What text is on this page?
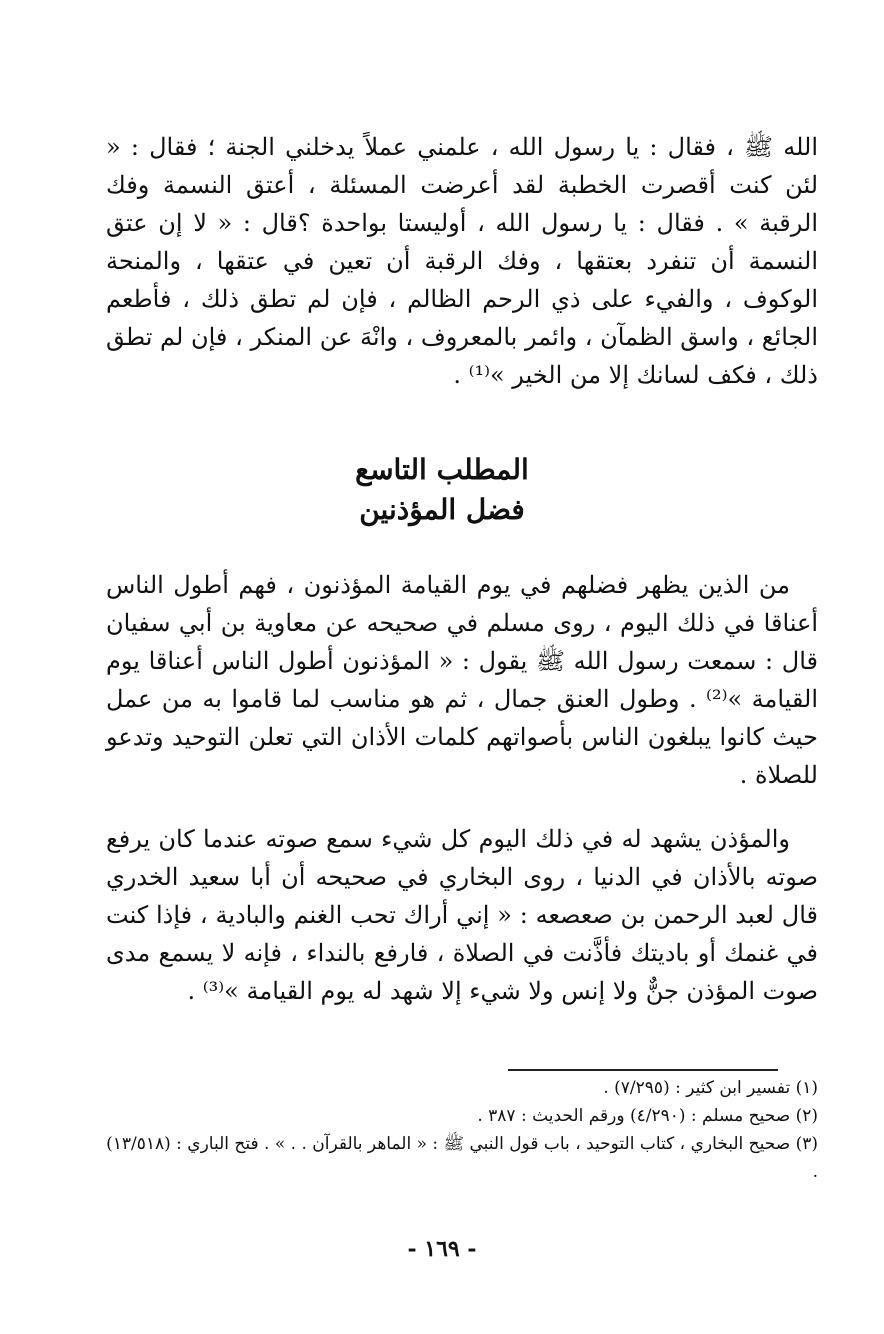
الله ﷺ ، فقال : يا رسول الله ، علمني عملاً يدخلني الجنة ؛ فقال : « لئن كنت أقصرت الخطبة لقد أعرضت المسئلة ، أعتق النسمة وفك الرقبة » . فقال : يا رسول الله ، أوليستا بواحدة ؟قال : « لا إن عتق النسمة أن تنفرد بعتقها ، وفك الرقبة أن تعين في عتقها ، والمنحة الوكوف ، والفيء على ذي الرحم الظالم ، فإن لم تطق ذلك ، فأطعم الجائع ، واسق الظمآن ، وائمر بالمعروف ، وانْهَ عن المنكر ، فإن لم تطق ذلك ، فكف لسانك إلا من الخير »⁽¹⁾ .

المطلب التاسع
فضل المؤذنين

من الذين يظهر فضلهم في يوم القيامة المؤذنون ، فهم أطول الناس أعناقا في ذلك اليوم ، روى مسلم في صحيحه عن معاوية بن أبي سفيان قال : سمعت رسول الله ﷺ يقول : « المؤذنون أطول الناس أعناقا يوم القيامة »⁽²⁾ . وطول العنق جمال ، ثم هو مناسب لما قاموا به من عمل حيث كانوا يبلغون الناس بأصواتهم كلمات الأذان التي تعلن التوحيد وتدعو للصلاة .

والمؤذن يشهد له في ذلك اليوم كل شيء سمع صوته عندما كان يرفع صوته بالأذان في الدنيا ، روى البخاري في صحيحه أن أبا سعيد الخدري قال لعبد الرحمن بن صعصعه : « إني أراك تحب الغنم والبادية ، فإذا كنت في غنمك أو باديتك فأذَّنت في الصلاة ، فارفع بالنداء ، فإنه لا يسمع مدى صوت المؤذن جنٌّ ولا إنس ولا شيء إلا شهد له يوم القيامة »⁽³⁾ .

(١) تفسير ابن كثير : (٧/٢٩٥) .
(٢) صحيح مسلم : (٤/٢٩٠) ورقم الحديث : ٣٨٧ .
(٣) صحيح البخاري ، كتاب التوحيد ، باب قول النبي ﷺ : « الماهر بالقرآن . . » . فتح الباري : (١٣/٥١٨) .
- ١٦٩ -
